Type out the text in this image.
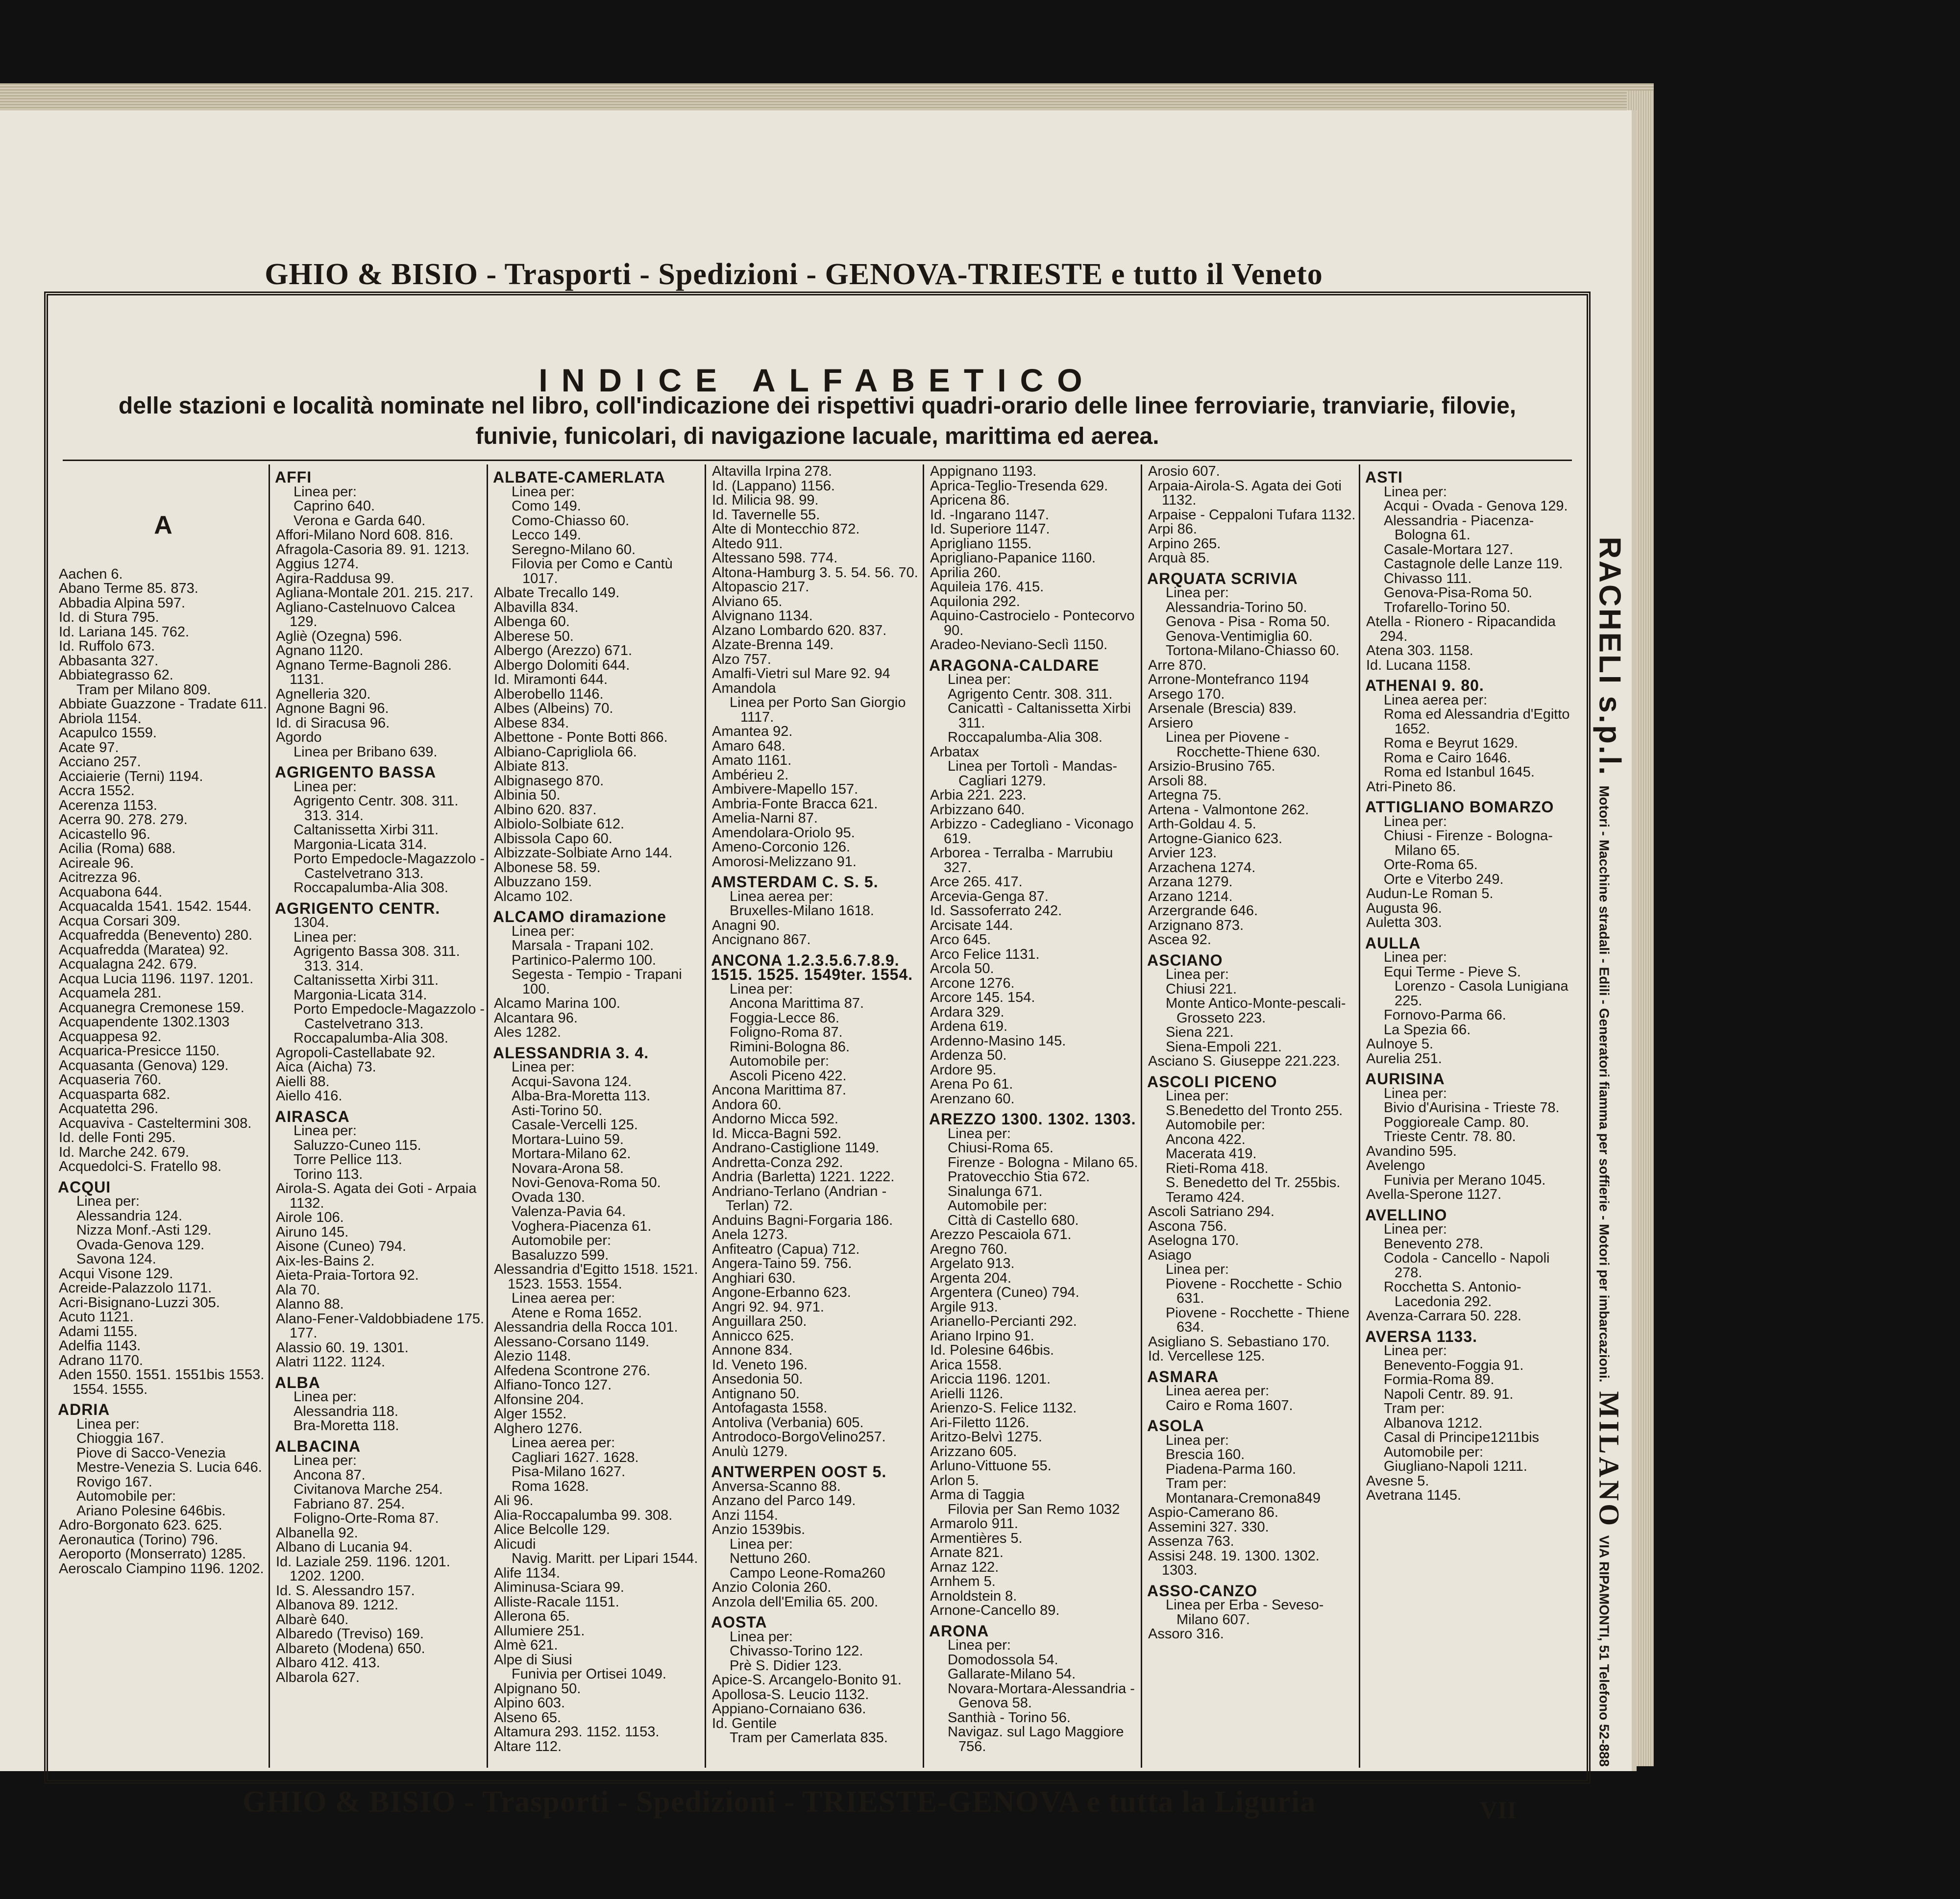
GHIO & BISIO - Trasporti - Spedizioni - GENOVA-TRIESTE e tutto il Veneto
INDICE ALFABETICO
delle stazioni e località nominate nel libro, coll'indicazione dei rispettivi quadri-orario delle linee ferroviarie, tranviarie, filovie, funivie, funicolari, di navigazione lacuale, marittima ed aerea.

A

Aachen 6.

Abano Terme 85. 873.

Abbadia Alpina 597.

Id. di Stura 795.

Id. Lariana 145. 762.

Id. Ruffolo 673.

Abbasanta 327.

Abbiategrasso 62.

Tram per Milano 809.

Abbiate Guazzone - Tradate 611.

Abriola 1154.

Acapulco 1559.

Acate 97.

Acciano 257.

Acciaierie (Terni) 1194.

Accra 1552.

Acerenza 1153.

Acerra 90. 278. 279.

Acicastello 96.

Acilia (Roma) 688.

Acireale 96.

Acitrezza 96.

Acquabona 644.

Acquacalda 1541. 1542. 1544.

Acqua Corsari 309.

Acquafredda (Benevento) 280.

Acquafredda (Maratea) 92.

Acqualagna 242. 679.

Acqua Lucia 1196. 1197. 1201.

Acquamela 281.

Acquanegra Cremonese 159.

Acquapendente 1302.1303

Acquappesa 92.

Acquarica-Presicce 1150.

Acquasanta (Genova) 129.

Acquaseria 760.

Acquasparta 682.

Acquatetta 296.

Acquaviva - Casteltermini 308.

Id. delle Fonti 295.

Id. Marche 242. 679.

Acquedolci-S. Fratello 98.

ACQUI

Linea per:

Alessandria 124.

Nizza Monf.-Asti 129.

Ovada-Genova 129.

Savona 124.

Acqui Visone 129.

Acreide-Palazzolo 1171.

Acri-Bisignano-Luzzi 305.

Acuto 1121.

Adami 1155.

Adelfia 1143.

Adrano 1170.

Aden 1550. 1551. 1551bis 1553. 1554. 1555.

ADRIA

Linea per:

Chioggia 167.

Piove di Sacco-Venezia

Mestre-Venezia S. Lucia 646.

Rovigo 167.

Automobile per:

Ariano Polesine 646bis.

Adro-Borgonato 623. 625.

Aeronautica (Torino) 796.

Aeroporto (Monserrato) 1285.

Aeroscalo Ciampino 1196. 1202.

AFFI

Linea per:

Caprino 640.

Verona e Garda 640.

Affori-Milano Nord 608. 816.

Afragola-Casoria 89. 91. 1213.

Aggius 1274.

Agira-Raddusa 99.

Agliana-Montale 201. 215. 217.

Agliano-Castelnuovo Calcea 129.

Agliè (Ozegna) 596.

Agnano 1120.

Agnano Terme-Bagnoli 286. 1131.

Agnelleria 320.

Agnone Bagni 96.

Id. di Siracusa 96.

Agordo

Linea per Bribano 639.

AGRIGENTO BASSA

Linea per:

Agrigento Centr. 308. 311. 313. 314.

Caltanissetta Xirbi 311.

Margonia-Licata 314.

Porto Empedocle-Magazzolo - Castelvetrano 313.

Roccapalumba-Alia 308.

AGRIGENTO CENTR.

1304.

Linea per:

Agrigento Bassa 308. 311. 313. 314.

Caltanissetta Xirbi 311.

Margonia-Licata 314.

Porto Empedocle-Magazzolo - Castelvetrano 313.

Roccapalumba-Alia 308.

Agropoli-Castellabate 92.

Aica (Aicha) 73.

Aielli 88.

Aiello 416.

AIRASCA

Linea per:

Saluzzo-Cuneo 115.

Torre Pellice 113.

Torino 113.

Airola-S. Agata dei Goti - Arpaia 1132.

Airole 106.

Airuno 145.

Aisone (Cuneo) 794.

Aix-les-Bains 2.

Aieta-Praia-Tortora 92.

Ala 70.

Alanno 88.

Alano-Fener-Valdobbiadene 175. 177.

Alassio 60. 19. 1301.

Alatri 1122. 1124.

ALBA

Linea per:

Alessandria 118.

Bra-Moretta 118.

ALBACINA

Linea per:

Ancona 87.

Civitanova Marche 254.

Fabriano 87. 254.

Foligno-Orte-Roma 87.

Albanella 92.

Albano di Lucania 94.

Id. Laziale 259. 1196. 1201. 1202. 1200.

Id. S. Alessandro 157.

Albanova 89. 1212.

Albarè 640.

Albaredo (Treviso) 169.

Albareto (Modena) 650.

Albaro 412. 413.

Albarola 627.

ALBATE-CAMERLATA

Linea per:

Como 149.

Como-Chiasso 60.

Lecco 149.

Seregno-Milano 60.

Filovia per Como e Cantù 1017.

Albate Trecallo 149.

Albavilla 834.

Albenga 60.

Alberese 50.

Albergo (Arezzo) 671.

Albergo Dolomiti 644.

Id. Miramonti 644.

Alberobello 1146.

Albes (Albeins) 70.

Albese 834.

Albettone - Ponte Botti 866.

Albiano-Caprigliola 66.

Albiate 813.

Albignasego 870.

Albinia 50.

Albino 620. 837.

Albiolo-Solbiate 612.

Albissola Capo 60.

Albizzate-Solbiate Arno 144.

Albonese 58. 59.

Albuzzano 159.

Alcamo 102.

ALCAMO diramazione

Linea per:

Marsala - Trapani 102.

Partinico-Palermo 100.

Segesta - Tempio - Trapani 100.

Alcamo Marina 100.

Alcantara 96.

Ales 1282.

ALESSANDRIA 3. 4.

Linea per:

Acqui-Savona 124.

Alba-Bra-Moretta 113.

Asti-Torino 50.

Casale-Vercelli 125.

Mortara-Luino 59.

Mortara-Milano 62.

Novara-Arona 58.

Novi-Genova-Roma 50.

Ovada 130.

Valenza-Pavia 64.

Voghera-Piacenza 61.

Automobile per:

Basaluzzo 599.

Alessandria d'Egitto 1518. 1521. 1523. 1553. 1554.

Linea aerea per:

Atene e Roma 1652.

Alessandria della Rocca 101.

Alessano-Corsano 1149.

Alezio 1148.

Alfedena Scontrone 276.

Alfiano-Tonco 127.

Alfonsine 204.

Alger 1552.

Alghero 1276.

Linea aerea per:

Cagliari 1627. 1628.

Pisa-Milano 1627.

Roma 1628.

Ali 96.

Alia-Roccapalumba 99. 308.

Alice Belcolle 129.

Alicudi

Navig. Maritt. per Lipari 1544.

Alife 1134.

Aliminusa-Sciara 99.

Alliste-Racale 1151.

Allerona 65.

Allumiere 251.

Almè 621.

Alpe di Siusi

Funivia per Ortisei 1049.

Alpignano 50.

Alpino 603.

Alseno 65.

Altamura 293. 1152. 1153.

Altare 112.

Altavilla Irpina 278.

Id. (Lappano) 1156.

Id. Milicia 98. 99.

Id. Tavernelle 55.

Alte di Montecchio 872.

Altedo 911.

Altessano 598. 774.

Altona-Hamburg 3. 5. 54. 56. 70.

Altopascio 217.

Alviano 65.

Alvignano 1134.

Alzano Lombardo 620. 837.

Alzate-Brenna 149.

Alzo 757.

Amalfi-Vietri sul Mare 92. 94

Amandola

Linea per Porto San Giorgio 1117.

Amantea 92.

Amaro 648.

Amato 1161.

Ambérieu 2.

Ambivere-Mapello 157.

Ambria-Fonte Bracca 621.

Amelia-Narni 87.

Amendolara-Oriolo 95.

Ameno-Corconio 126.

Amorosi-Melizzano 91.

AMSTERDAM C. S. 5.

Linea aerea per:

Bruxelles-Milano 1618.

Anagni 90.

Ancignano 867.

ANCONA 1.2.3.5.6.7.8.9. 1515. 1525. 1549ter. 1554.

Linea per:

Ancona Marittima 87.

Foggia-Lecce 86.

Foligno-Roma 87.

Rimini-Bologna 86.

Automobile per:

Ascoli Piceno 422.

Ancona Marittima 87.

Andora 60.

Andorno Micca 592.

Id. Micca-Bagni 592.

Andrano-Castiglione 1149.

Andretta-Conza 292.

Andria (Barletta) 1221. 1222.

Andriano-Terlano (Andrian - Terlan) 72.

Anduins Bagni-Forgaria 186.

Anela 1273.

Anfiteatro (Capua) 712.

Angera-Taino 59. 756.

Anghiari 630.

Angone-Erbanno 623.

Angri 92. 94. 971.

Anguillara 250.

Annicco 625.

Annone 834.

Id. Veneto 196.

Ansedonia 50.

Antignano 50.

Antofagasta 1558.

Antoliva (Verbania) 605.

Antrodoco-BorgoVelino257.

Anulù 1279.

ANTWERPEN OOST 5.

Anversa-Scanno 88.

Anzano del Parco 149.

Anzi 1154.

Anzio 1539bis.

Linea per:

Nettuno 260.

Campo Leone-Roma260

Anzio Colonia 260.

Anzola dell'Emilia 65. 200.

AOSTA

Linea per:

Chivasso-Torino 122.

Prè S. Didier 123.

Apice-S. Arcangelo-Bonito 91.

Apollosa-S. Leucio 1132.

Appiano-Cornaiano 636.

Id. Gentile

Tram per Camerlata 835.

Appignano 1193.

Aprica-Teglio-Tresenda 629.

Apricena 86.

Id. -Ingarano 1147.

Id. Superiore 1147.

Aprigliano 1155.

Aprigliano-Papanice 1160.

Aprilia 260.

Aquileia 176. 415.

Aquilonia 292.

Aquino-Castrocielo - Pontecorvo 90.

Aradeo-Neviano-Seclì 1150.

ARAGONA-CALDARE

Linea per:

Agrigento Centr. 308. 311.

Canicattì - Caltanissetta Xirbi 311.

Roccapalumba-Alia 308.

Arbatax

Linea per Tortolì - Mandas-Cagliari 1279.

Arbia 221. 223.

Arbizzano 640.

Arbizzo - Cadegliano - Viconago 619.

Arborea - Terralba - Marrubiu 327.

Arce 265. 417.

Arcevia-Genga 87.

Id. Sassoferrato 242.

Arcisate 144.

Arco 645.

Arco Felice 1131.

Arcola 50.

Arcone 1276.

Arcore 145. 154.

Ardara 329.

Ardena 619.

Ardenno-Masino 145.

Ardenza 50.

Ardore 95.

Arena Po 61.

Arenzano 60.

AREZZO 1300. 1302. 1303.

Linea per:

Chiusi-Roma 65.

Firenze - Bologna - Milano 65.

Pratovecchio Stia 672.

Sinalunga 671.

Automobile per:

Città di Castello 680.

Arezzo Pescaiola 671.

Aregno 760.

Argelato 913.

Argenta 204.

Argentera (Cuneo) 794.

Argile 913.

Arianello-Percianti 292.

Ariano Irpino 91.

Id. Polesine 646bis.

Arica 1558.

Ariccia 1196. 1201.

Arielli 1126.

Arienzo-S. Felice 1132.

Ari-Filetto 1126.

Aritzo-Belvì 1275.

Arizzano 605.

Arluno-Vittuone 55.

Arlon 5.

Arma di Taggia

Filovia per San Remo 1032

Armarolo 911.

Armentières 5.

Arnate 821.

Arnaz 122.

Arnhem 5.

Arnoldstein 8.

Arnone-Cancello 89.

ARONA

Linea per:

Domodossola 54.

Gallarate-Milano 54.

Novara-Mortara-Alessandria - Genova 58.

Santhià - Torino 56.

Navigaz. sul Lago Maggiore 756.

Arosio 607.

Arpaia-Airola-S. Agata dei Goti 1132.

Arpaise - Ceppaloni Tufara 1132.

Arpi 86.

Arpino 265.

Arquà 85.

ARQUATA SCRIVIA

Linea per:

Alessandria-Torino 50.

Genova - Pisa - Roma 50.

Genova-Ventimiglia 60.

Tortona-Milano-Chiasso 60.

Arre 870.

Arrone-Montefranco 1194

Arsego 170.

Arsenale (Brescia) 839.

Arsiero

Linea per Piovene - Rocchette-Thiene 630.

Arsizio-Brusino 765.

Arsoli 88.

Artegna 75.

Artena - Valmontone 262.

Arth-Goldau 4. 5.

Artogne-Gianico 623.

Arvier 123.

Arzachena 1274.

Arzana 1279.

Arzano 1214.

Arzergrande 646.

Arzignano 873.

Ascea 92.

ASCIANO

Linea per:

Chiusi 221.

Monte Antico-Monte-pescali-Grosseto 223.

Siena 221.

Siena-Empoli 221.

Asciano S. Giuseppe 221.223.

ASCOLI PICENO

Linea per:

S.Benedetto del Tronto 255.

Automobile per:

Ancona 422.

Macerata 419.

Rieti-Roma 418.

S. Benedetto del Tr. 255bis.

Teramo 424.

Ascoli Satriano 294.

Ascona 756.

Aselogna 170.

Asiago

Linea per:

Piovene - Rocchette - Schio 631.

Piovene - Rocchette - Thiene 634.

Asigliano S. Sebastiano 170.

Id. Vercellese 125.

ASMARA

Linea aerea per:

Cairo e Roma 1607.

ASOLA

Linea per:

Brescia 160.

Piadena-Parma 160.

Tram per:

Montanara-Cremona849

Aspio-Camerano 86.

Assemini 327. 330.

Assenza 763.

Assisi 248. 19. 1300. 1302. 1303.

ASSO-CANZO

Linea per Erba - Seveso-Milano 607.

Assoro 316.

ASTI

Linea per:

Acqui - Ovada - Genova 129.

Alessandria - Piacenza-Bologna 61.

Casale-Mortara 127.

Castagnole delle Lanze 119.

Chivasso 111.

Genova-Pisa-Roma 50.

Trofarello-Torino 50.

Atella - Rionero - Ripacandida 294.

Atena 303. 1158.

Id. Lucana 1158.

ATHENAI 9. 80.

Linea aerea per:

Roma ed Alessandria d'Egitto 1652.

Roma e Beyrut 1629.

Roma e Cairo 1646.

Roma ed Istanbul 1645.

Atri-Pineto 86.

ATTIGLIANO BOMARZO

Linea per:

Chiusi - Firenze - Bologna-Milano 65.

Orte-Roma 65.

Orte e Viterbo 249.

Audun-Le Roman 5.

Augusta 96.

Auletta 303.

AULLA

Linea per:

Equi Terme - Pieve S. Lorenzo - Casola Lunigiana 225.

Fornovo-Parma 66.

La Spezia 66.

Aulnoye 5.

Aurelia 251.

AURISINA

Linea per:

Bivio d'Aurisina - Trieste 78.

Poggioreale Camp. 80.

Trieste Centr. 78. 80.

Avandino 595.

Avelengo

Funivia per Merano 1045.

Avella-Sperone 1127.

AVELLINO

Linea per:

Benevento 278.

Codola - Cancello - Napoli 278.

Rocchetta S. Antonio-Lacedonia 292.

Avenza-Carrara 50. 228.

AVERSA 1133.

Linea per:

Benevento-Foggia 91.

Formia-Roma 89.

Napoli Centr. 89. 91.

Tram per:

Albanova 1212.

Casal di Principe1211bis

Automobile per:

Giugliano-Napoli 1211.

Avesne 5.

Avetrana 1145.

RACHELI s.p.l.    Motori - Macchine stradali - Edili - Generatori fiamma per soffierie - Motori per imbarcazioni.    MILANO   VIA RIPAMONTI, 51 Telefono 52-888
GHIO & BISIO - Trasporti - Spedizioni - TRIESTE-GENOVA e tutta la Liguria	VII
